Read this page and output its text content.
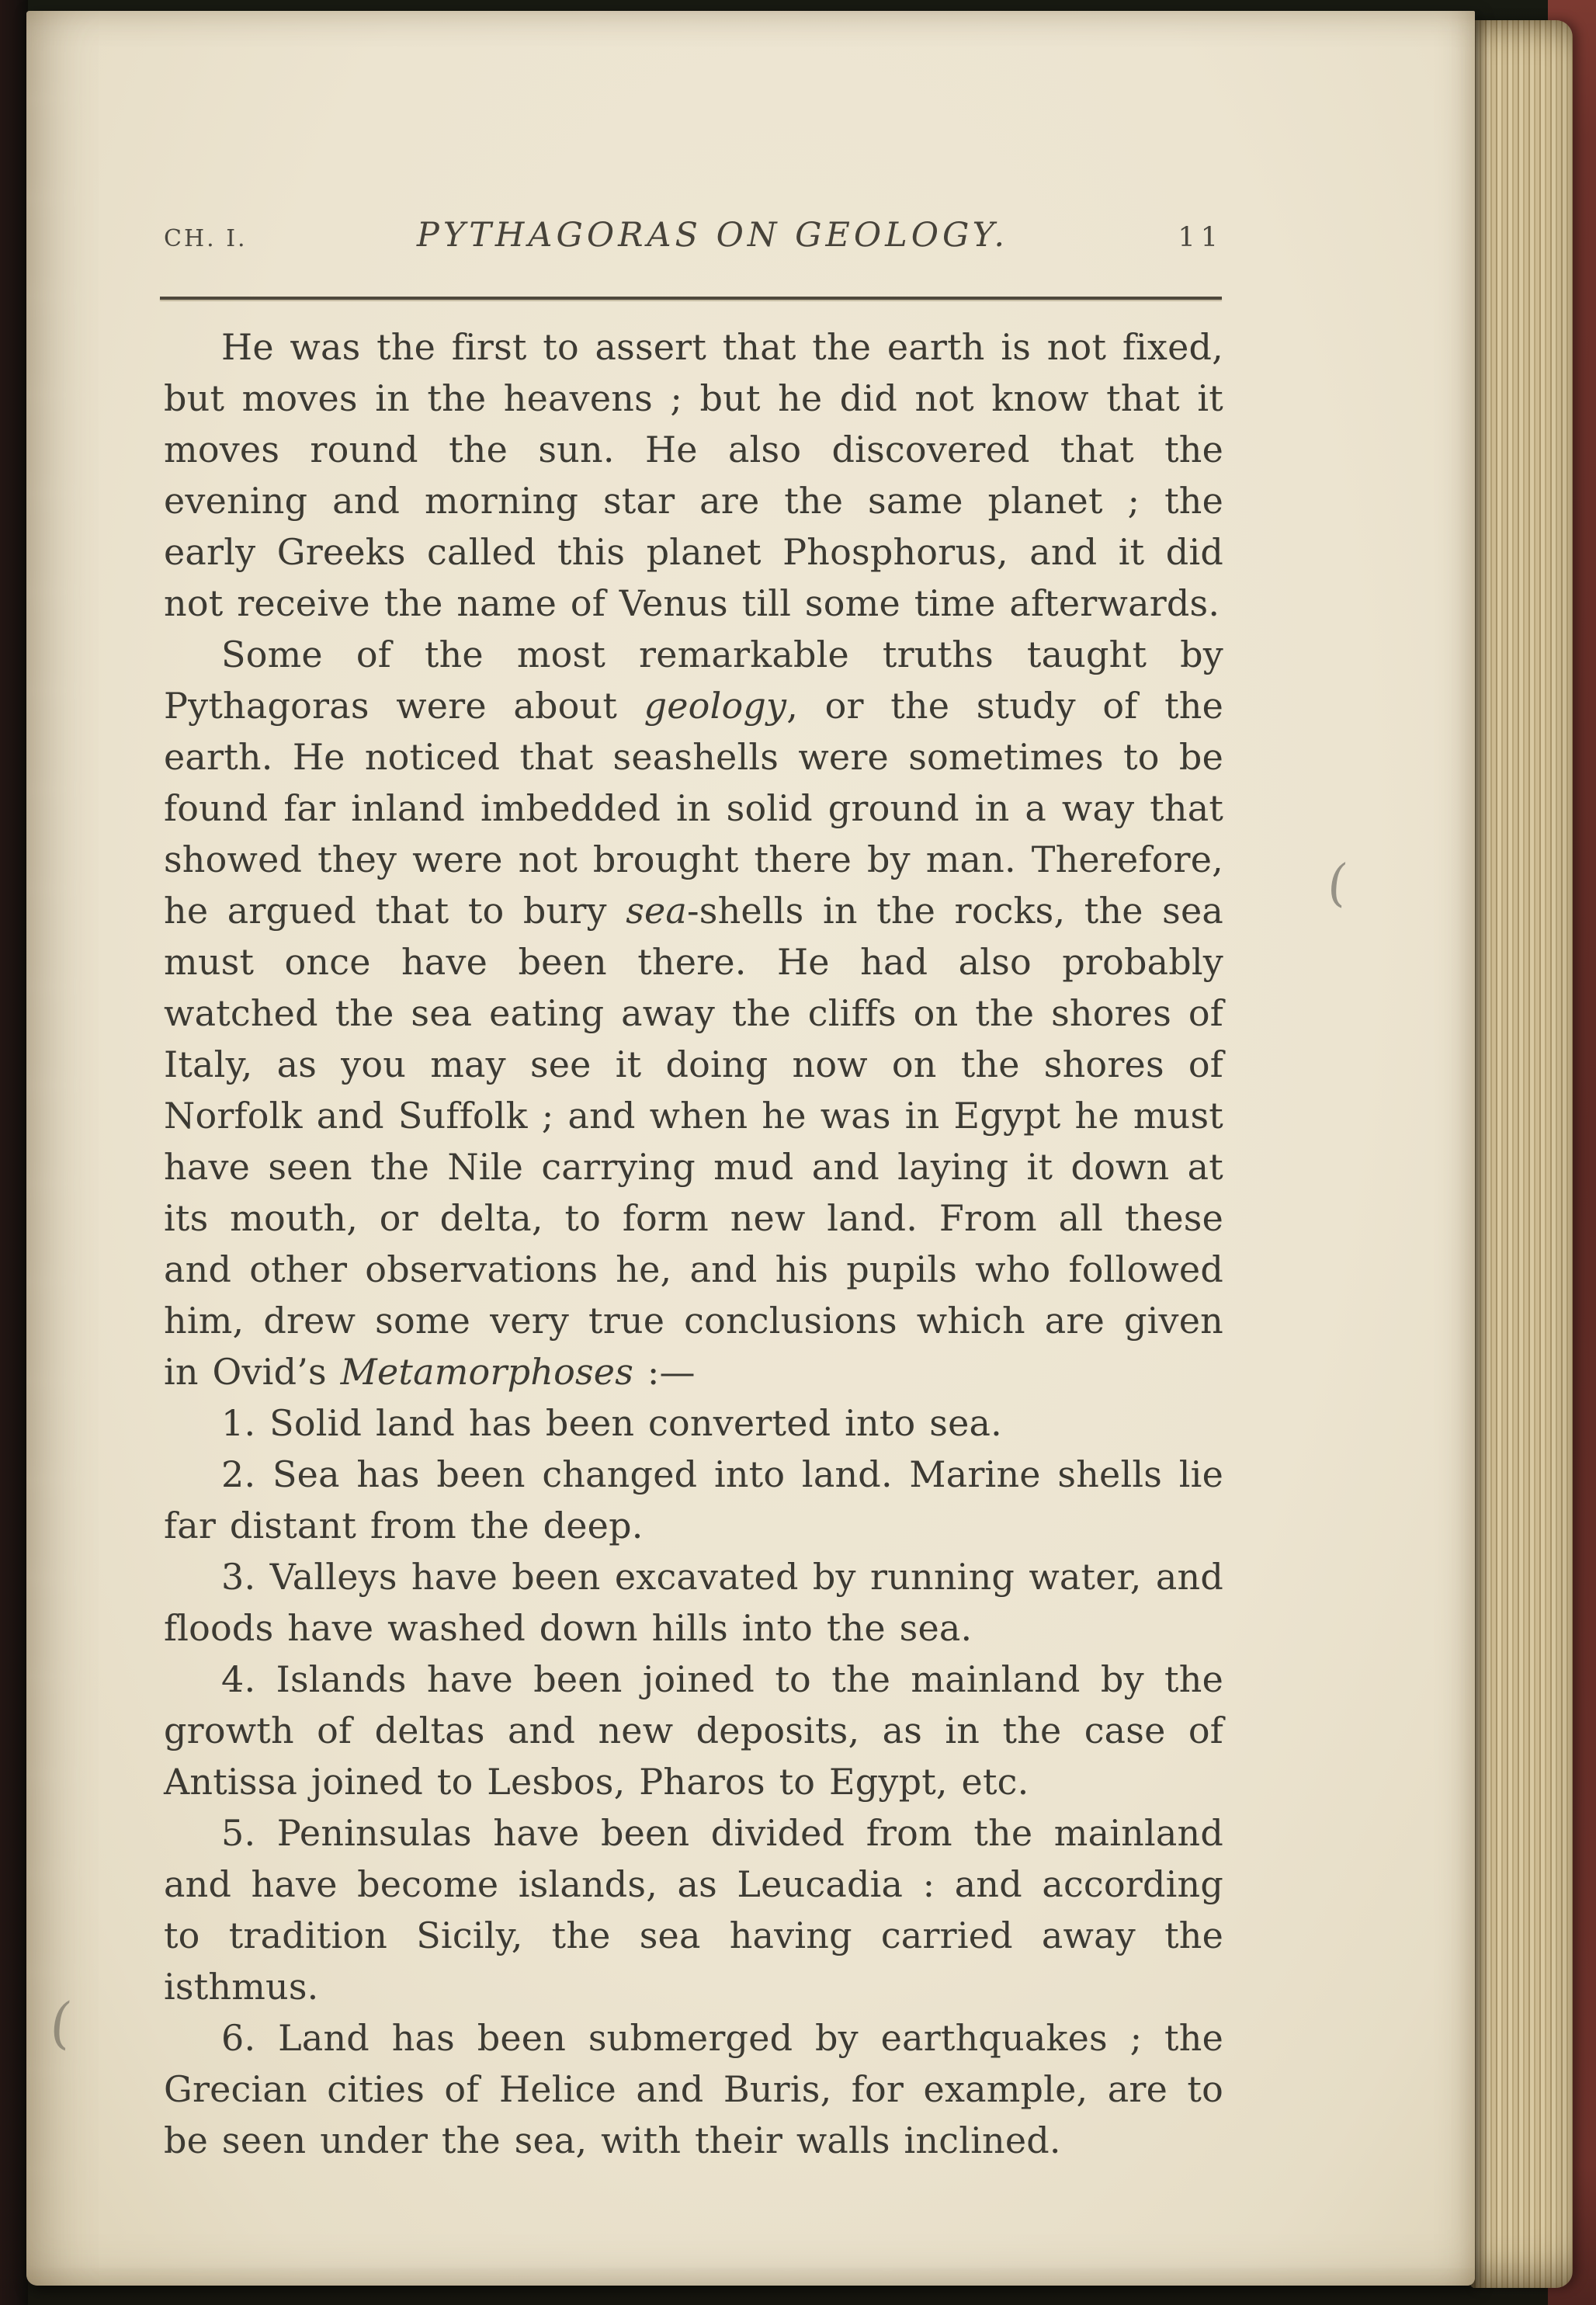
CH. I.	PYTHAGORAS ON GEOLOGY.	11

He was the first to assert that the earth is not fixed, but moves in the heavens ; but he did not know that it moves round the sun. He also discovered that the evening and morning star are the same planet ; the early Greeks called this planet Phosphorus, and it did not receive the name of Venus till some time afterwards.

Some of the most remarkable truths taught by Pythagoras were about geology, or the study of the earth. He noticed that seashells were sometimes to be found far inland imbedded in solid ground in a way that showed they were not brought there by man. Therefore, he argued that to bury sea-shells in the rocks, the sea must once have been there. He had also probably watched the sea eating away the cliffs on the shores of Italy, as you may see it doing now on the shores of Norfolk and Suffolk ; and when he was in Egypt he must have seen the Nile carrying mud and laying it down at its mouth, or delta, to form new land. From all these and other observations he, and his pupils who followed him, drew some very true conclusions which are given in Ovid’s Metamorphoses :—

1. Solid land has been converted into sea.

2. Sea has been changed into land. Marine shells lie far distant from the deep.

3. Valleys have been excavated by running water, and floods have washed down hills into the sea.

4. Islands have been joined to the mainland by the growth of deltas and new deposits, as in the case of Antissa joined to Lesbos, Pharos to Egypt, etc.

5. Peninsulas have been divided from the mainland and have become islands, as Leucadia : and according to tradition Sicily, the sea having carried away the isthmus.

6. Land has been submerged by earthquakes ; the Grecian cities of Helice and Buris, for example, are to be seen under the sea, with their walls inclined.

(
(
